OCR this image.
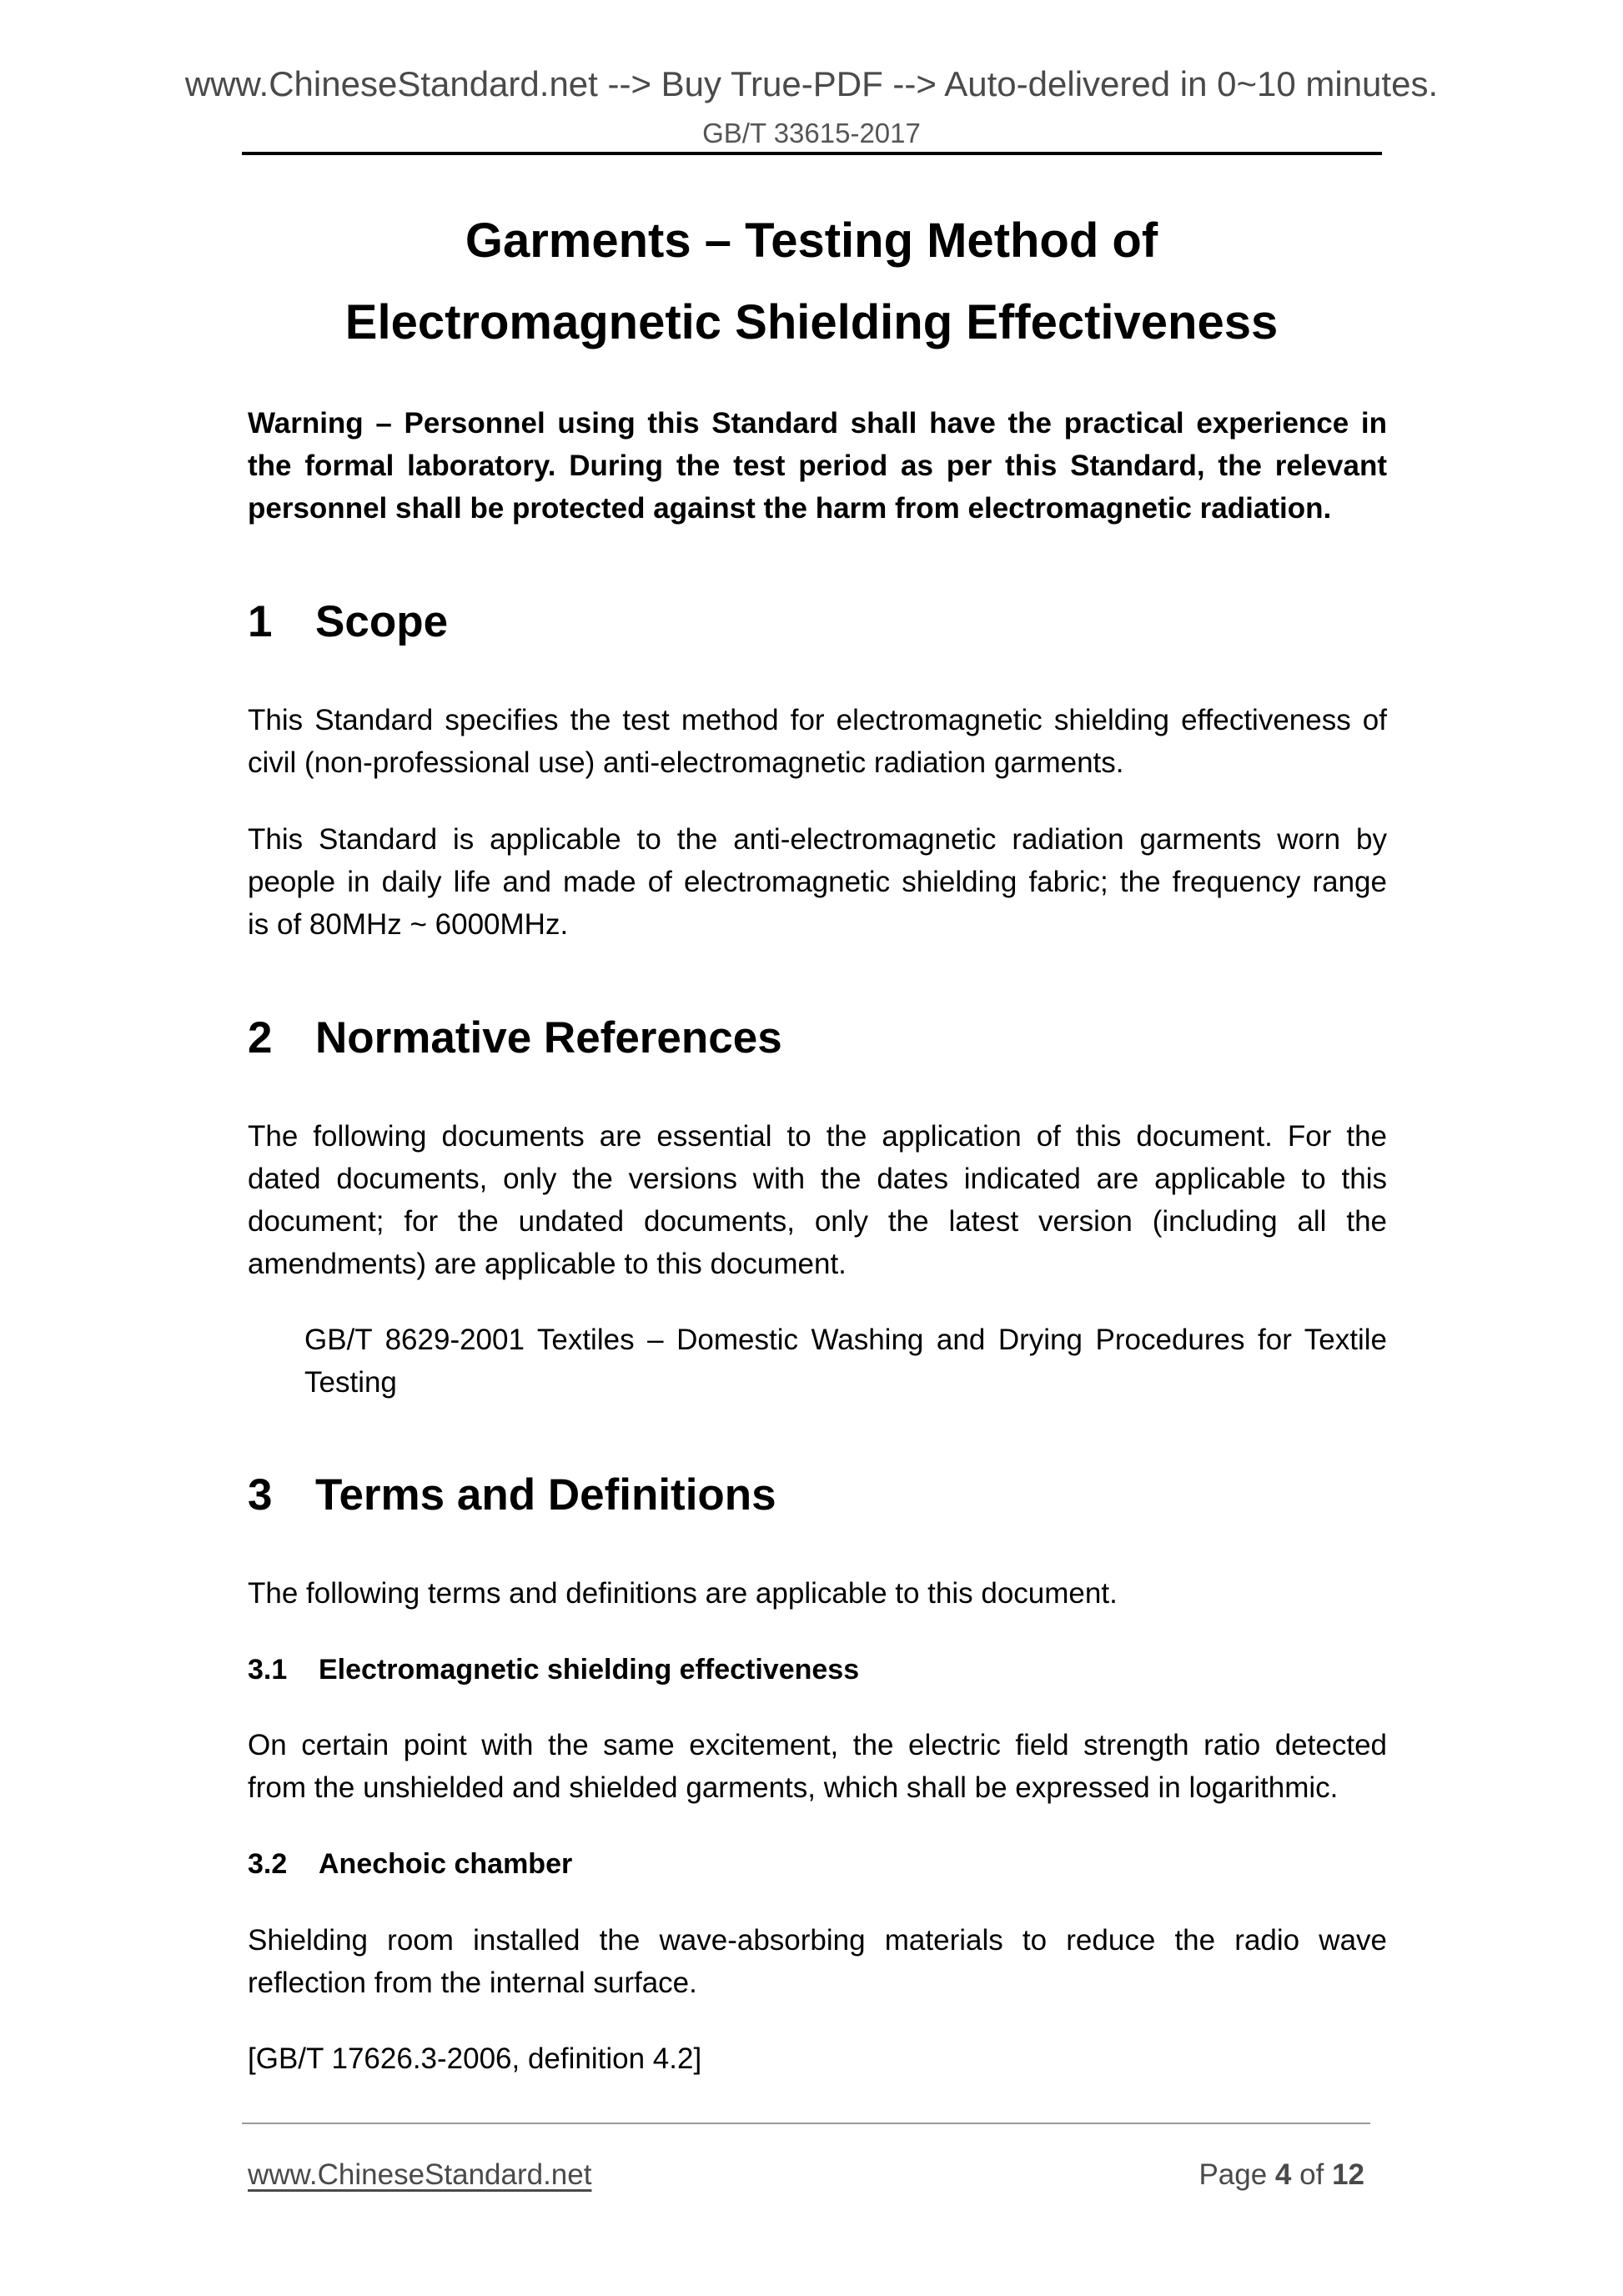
www.ChineseStandard.net --> Buy True-PDF --> Auto-delivered in 0~10 minutes.
GB/T 33615-2017
Garments – Testing Method of
Electromagnetic Shielding Effectiveness
Warning – Personnel using this Standard shall have the practical experience in
the formal laboratory. During the test period as per this Standard, the relevant
personnel shall be protected against the harm from electromagnetic radiation.
1 Scope
This Standard specifies the test method for electromagnetic shielding effectiveness of
civil (non-professional use) anti-electromagnetic radiation garments.
This Standard is applicable to the anti-electromagnetic radiation garments worn by
people in daily life and made of electromagnetic shielding fabric; the frequency range
is of 80MHz ~ 6000MHz.
2 Normative References
The following documents are essential to the application of this document. For the
dated documents, only the versions with the dates indicated are applicable to this
document; for the undated documents, only the latest version (including all the
amendments) are applicable to this document.
GB/T 8629-2001 Textiles – Domestic Washing and Drying Procedures for Textile
Testing
3 Terms and Definitions
The following terms and definitions are applicable to this document.
3.1 Electromagnetic shielding effectiveness
On certain point with the same excitement, the electric field strength ratio detected
from the unshielded and shielded garments, which shall be expressed in logarithmic.
3.2 Anechoic chamber
Shielding room installed the wave-absorbing materials to reduce the radio wave
reflection from the internal surface.
[GB/T 17626.3-2006, definition 4.2]
www.ChineseStandard.net	Page 4 of 12
